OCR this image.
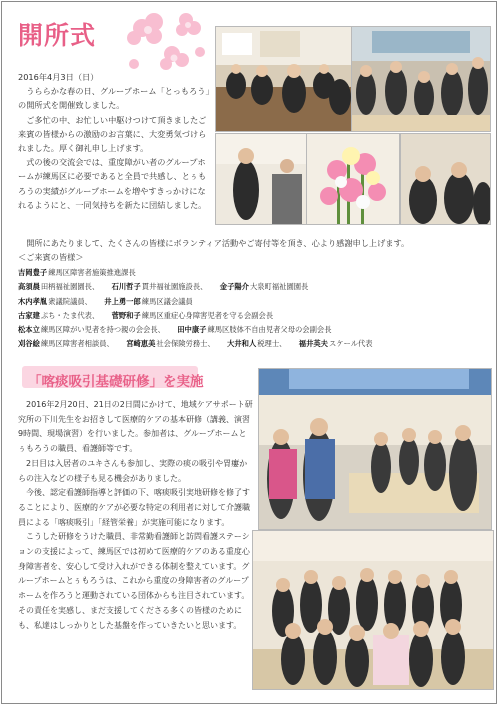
開所式

2016年4月3日（日）

　うららかな春の日、グループホーム「とっもろう」の開所式を開催致しました。

　ご多忙の中、お忙しい中駆けつけて頂きましたご来賓の皆様からの激励のお言葉に、大変勇気づけられました。厚く御礼申し上げます。

　式の後の交流会では、重度障がい者のグループホームが練馬区に必要であると全員で共感し、とぅもろうの実績がグループホームを増やすきっかけになれるようにと、一同気持ちを新たに団結しました。

　開所にあたりまして、たくさんの皆様にボランティア活動やご寄付等を頂き、心より感謝申し上げます。

＜ご来賓の皆様＞

吉岡豊子練馬区障害者施策推進課長
高須晨田柄福祉園園長、 石川哲子貫井福祉園施設長、 金子陽介大泉町福祉園園長
木内孝胤衆議院議員、 井上勇一郎練馬区議会議員
古家建ぷち・たま代表、 菅野和子練馬区重症心身障害児者を守る会副会長
松本立練馬区障がい児者を持つ親の会会長、 田中康子練馬区肢体不自由児者父母の会副会長
刈谷絵練馬区障害者相談員、 宮崎恵美社会保険労務士、 大井和人税理士、 福井英夫スケール代表
「喀痰吸引基礎研修」を実施

　2016年2月20日、21日の2日間にかけて、地域ケアサポート研究所の下川先生をお招きして医療的ケアの基本研修（講義、演習9時間、現場演習）を行いました。参加者は、グループホームとぅもろうの職員、看護師等です。

　2日目は入居者のユキさんも参加し、実際の痰の吸引や胃瘻からの注入などの様子も見る機会がありました。

　今後、認定看護師指導と評価の下、喀痰吸引実地研修を修了することにより、医療的ケアが必要な特定の利用者に対して介護職員による「喀痰吸引」「経管栄養」が実施可能になります。

　こうした研修をうけた職員、非常勤看護師と訪問看護ステーションの支援によって、練馬区では初めて医療的ケアのある重度心身障害者を、安心して受け入れができる体制を整えています。グループホームとぅもろうは、これから重度の身障害者のグループホームを作ろうと運動されている団体からも注目されています。その責任を実感し、まだ支援してくださる多くの皆様のためにも、私達はしっかりとした基盤を作っていきたいと思います。
